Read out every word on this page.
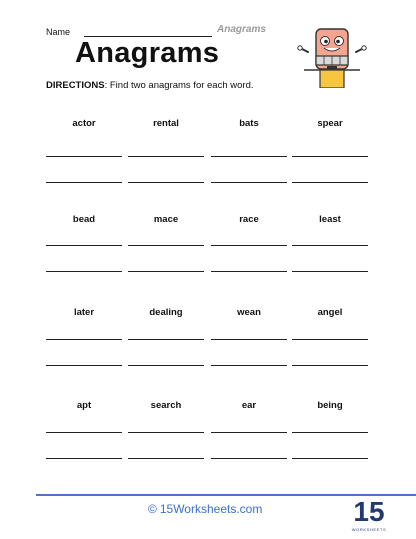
Name	Anagrams
Anagrams
DIRECTIONS: Find two anagrams for each word.
actor	rental	bats	spear
bead	mace	race	least
later	dealing	wean	angel
apt	search	ear	being
© 15Worksheets.com	15
WORKSHEETS
